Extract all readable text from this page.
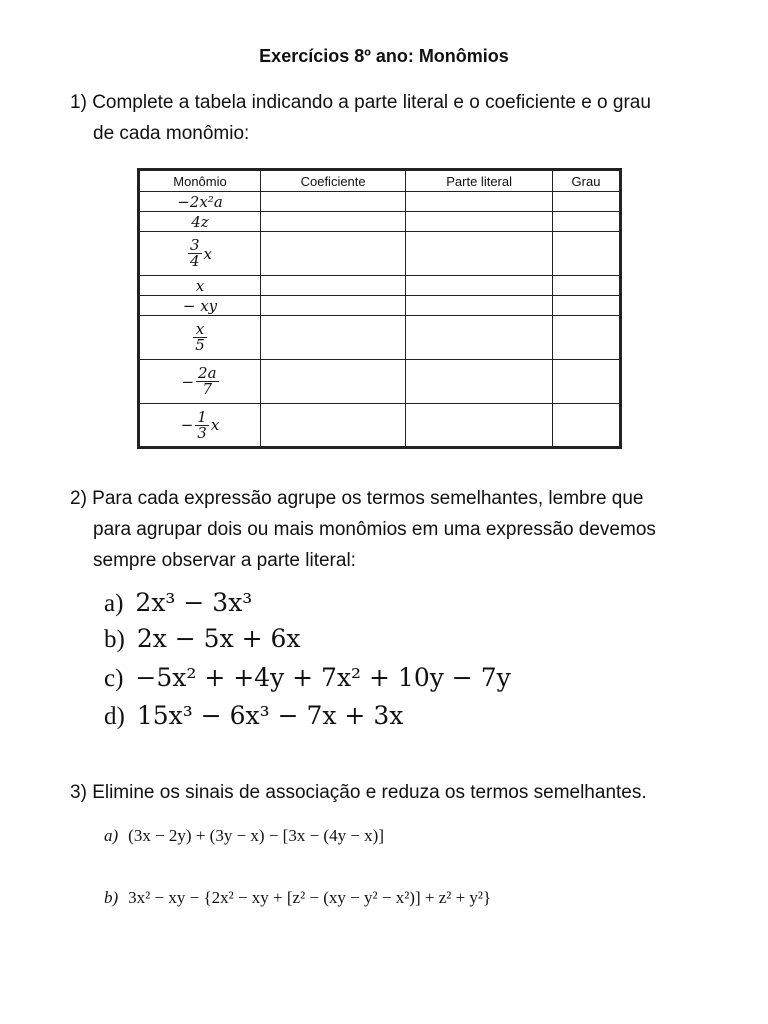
Exercícios 8º ano: Monômios
1) Complete a tabela indicando a parte literal e o coeficiente e o grau
de cada monômio:
Monômio	Coeficiente	Parte literal	Grau
−2x²a			
4z			

$\frac{3}{4}$ x			
x			
− xy			

$\frac{x}{5}$

− $\frac{2a}{7}$

− $\frac{1}{3}$ x			
2) Para cada expressão agrupe os termos semelhantes, lembre que
para agrupar dois ou mais monômios em uma expressão devemos
sempre observar a parte literal:
a) 2x³ − 3x³
b) 2x − 5x + 6x
c) −5x² + +4y + 7x² + 10y − 7y
d) 15x³ − 6x³ − 7x + 3x
3) Elimine os sinais de associação e reduza os termos semelhantes.
a) (3x − 2y) + (3y − x) − [3x − (4y − x)]
b) 3x² − xy − {2x² − xy + [z² − (xy − y² − x²)] + z² + y²}
